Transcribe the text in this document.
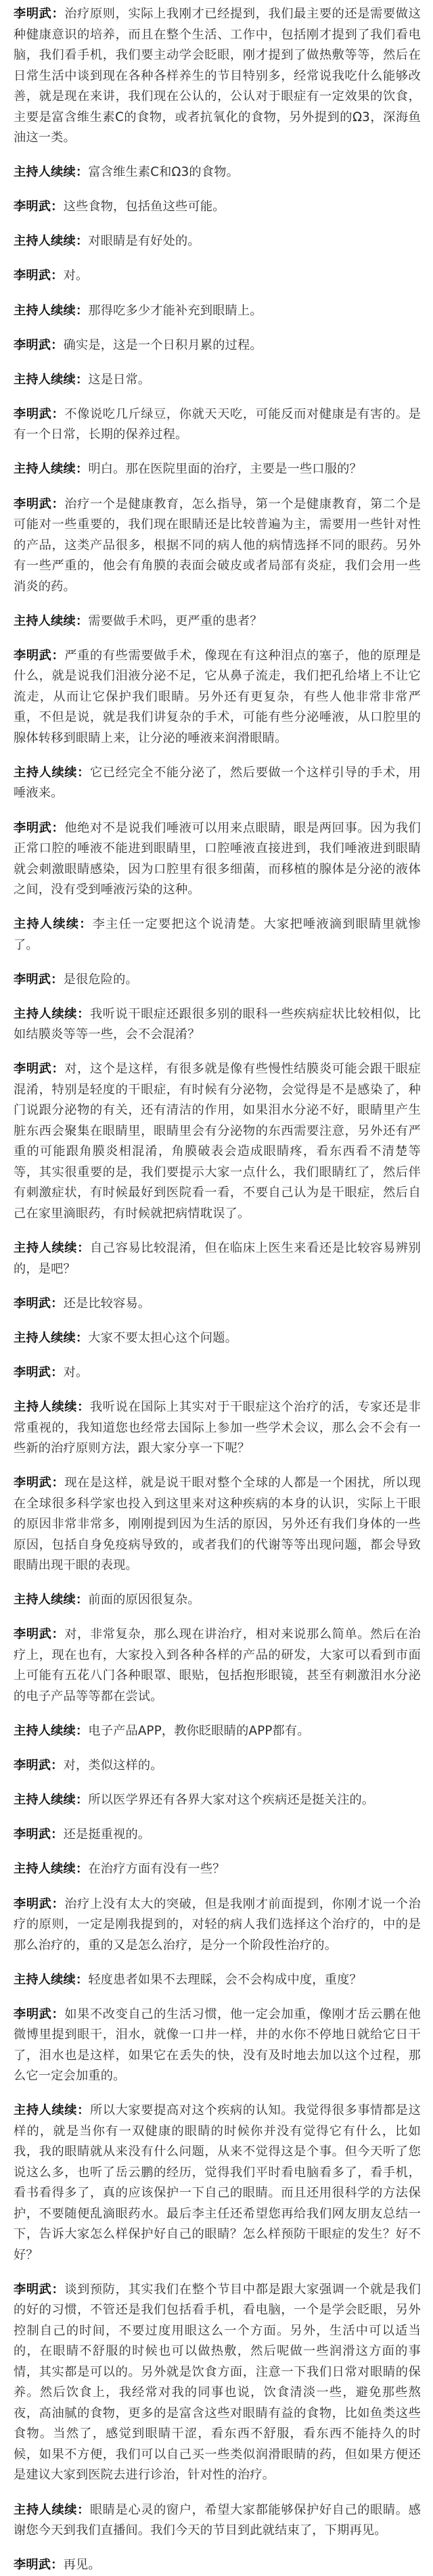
李明武：治疗原则，实际上我刚才已经提到，我们最主要的还是需要做这种健康意识的培养，而且在整个生活、工作中，包括刚才提到了我们看电脑，我们看手机，我们要主动学会眨眼，刚才提到了做热敷等等，然后在日常生活中谈到现在各种各样养生的节目特别多，经常说我吃什么能够改善，就是现在来讲，我们现在公认的，公认对于眼症有一定效果的饮食，主要是富含维生素C的食物，或者抗氧化的食物，另外提到的Ω3，深海鱼油这一类。

主持人续续：富含维生素C和Ω3的食物。

李明武：这些食物，包括鱼这些可能。

主持人续续：对眼睛是有好处的。

李明武：对。

主持人续续：那得吃多少才能补充到眼睛上。

李明武：确实是，这是一个日积月累的过程。

主持人续续：这是日常。

李明武：不像说吃几斤绿豆，你就天天吃，可能反而对健康是有害的。是有一个日常，长期的保养过程。

主持人续续：明白。那在医院里面的治疗，主要是一些口服的？

李明武：治疗一个是健康教育，怎么指导，第一个是健康教育，第二个是可能对一些重要的，我们现在眼睛还是比较普遍为主，需要用一些针对性的产品，这类产品很多，根据不同的病人他的病情选择不同的眼药。另外有一些严重的，他会有角膜的表面会破皮或者局部有炎症，我们会用一些消炎的药。

主持人续续：需要做手术吗，更严重的患者？

李明武：严重的有些需要做手术，像现在有这种泪点的塞子，他的原理是什么，就是说我们泪液分泌不足，它从鼻子流走，我们把孔给堵上不让它流走，从而让它保护我们眼睛。另外还有更复杂，有些人他非常非常严重，不但是说，就是我们讲复杂的手术，可能有些分泌唾液，从口腔里的腺体转移到眼睛上来，让分泌的唾液来润滑眼睛。

主持人续续：它已经完全不能分泌了，然后要做一个这样引导的手术，用唾液来。

李明武：他绝对不是说我们唾液可以用来点眼睛，眼是两回事。因为我们正常口腔的唾液不能进到眼睛里，口腔唾液直接进到，我们唾液进到眼睛就会刺激眼睛感染，因为口腔里有很多细菌，而移植的腺体是分泌的液体之间，没有受到唾液污染的这种。

主持人续续：李主任一定要把这个说清楚。大家把唾液滴到眼睛里就惨了。

李明武：是很危险的。

主持人续续：我听说干眼症还跟很多别的眼科一些疾病症状比较相似，比如结膜炎等等一些，会不会混淆？

李明武：对，这个是这样，有很多就是像有些慢性结膜炎可能会跟干眼症混淆，特别是轻度的干眼症，有时候有分泌物，会觉得是不是感染了，种门说跟分泌物的有关，还有清洁的作用，如果泪水分泌不好，眼睛里产生脏东西会聚集在眼睛里，眼睛里会有分泌物的东西需要注意，另外还有严重的可能跟角膜炎相混淆，角膜破表会造成眼睛疼，看东西看不清楚等等，其实很重要的是，我们要提示大家一点什么，我们眼睛红了，然后伴有刺激症状，有时候最好到医院看一看，不要自己认为是干眼症，然后自己在家里滴眼药，有时候就把病情耽误了。

主持人续续：自己容易比较混淆，但在临床上医生来看还是比较容易辨别的，是吧？

李明武：还是比较容易。

主持人续续：大家不要太担心这个问题。

李明武：对。

主持人续续：我听说在国际上其实对于干眼症这个治疗的活，专家还是非常重视的，我知道您也经常去国际上参加一些学术会议，那么会不会有一些新的治疗原则方法，跟大家分享一下呢？

李明武：现在是这样，就是说干眼对整个全球的人都是一个困扰，所以现在全球很多科学家也投入到这里来对这种疾病的本身的认识，实际上干眼的原因非常非常多，刚刚提到因为生活的原因，另外还有我们身体的一些原因，包括自身免疫病导致的，或者我们的代谢等等出现问题，都会导致眼睛出现干眼的表现。

主持人续续：前面的原因很复杂。

李明武：对，非常复杂，那么现在讲治疗，相对来说那么简单。然后在治疗上，现在也有，大家投入到各种各样的产品的研发，大家可以看到市面上可能有五花八门各种眼罩、眼贴，包括抱形眼镜，甚至有刺激泪水分泌的电子产品等等都在尝试。

主持人续续：电子产品APP，教你眨眼睛的APP都有。

李明武：对，类似这样的。

主持人续续：所以医学界还有各界大家对这个疾病还是挺关注的。

李明武：还是挺重视的。

主持人续续：在治疗方面有没有一些？

李明武：治疗上没有太大的突破，但是我刚才前面提到，你刚才说一个治疗的原则，一定是刚我提到的，对轻的病人我们选择这个治疗的，中的是那么治疗的，重的又是怎么治疗，是分一个阶段性治疗的。

主持人续续：轻度患者如果不去理睬，会不会构成中度，重度？

李明武：如果不改变自己的生活习惯，他一定会加重，像刚才岳云鹏在他微博里提到眼干，泪水，就像一口井一样，井的水你不停地日就给它日干了，泪水也是这样，如果它在丢失的快，没有及时地去加以这个过程，那么它一定会加重的。

主持人续续：所以大家要提高对这个疾病的认知。我觉得很多事情都是这样的，就是当你有一双健康的眼睛的时候你并没有觉得它有什么，比如我，我的眼睛就从来没有什么问题，从来不觉得这是个事。但今天听了您说这么多，也听了岳云鹏的经历，觉得我们平时看电脑看多了，看手机，看书看得多了，真的应该保护一下自己的眼睛。而且还用很科学的方法保护，不要随便乱滴眼药水。最后李主任还希望您再给我们网友朋友总结一下，告诉大家怎么样保护好自己的眼睛？怎么样预防干眼症的发生？好不好？

李明武：谈到预防，其实我们在整个节目中都是跟大家强调一个就是我们的好的习惯，不管还是我们包括看手机，看电脑，一个是学会眨眼，另外控制自己的时间，不要过度用眼这么一个方面。另外，生活中可以适当的，在眼睛不舒服的时候也可以做热敷，然后呢做一些润滑这方面的事情，其实都是可以的。另外就是饮食方面，注意一下我们日常对眼睛的保养。然后饮食上，我经常对我的同事也说，饮食清淡一些，避免那些熬夜，高油腻的食物，更多的是富含这些对眼睛有益的食物，比如鱼类这些食物。当然了，感觉到眼睛干涩，看东西不舒服，看东西不能持久的时候，如果不方便，我们可以自己买一些类似润滑眼睛的药，但如果方便还是建议大家到医院去进行诊治，针对性的治疗。

主持人续续：眼睛是心灵的窗户，希望大家都能够保护好自己的眼睛。感谢您今天到我们直播间。我们今天的节目到此就结束了，下期再见。

李明武：再见。
